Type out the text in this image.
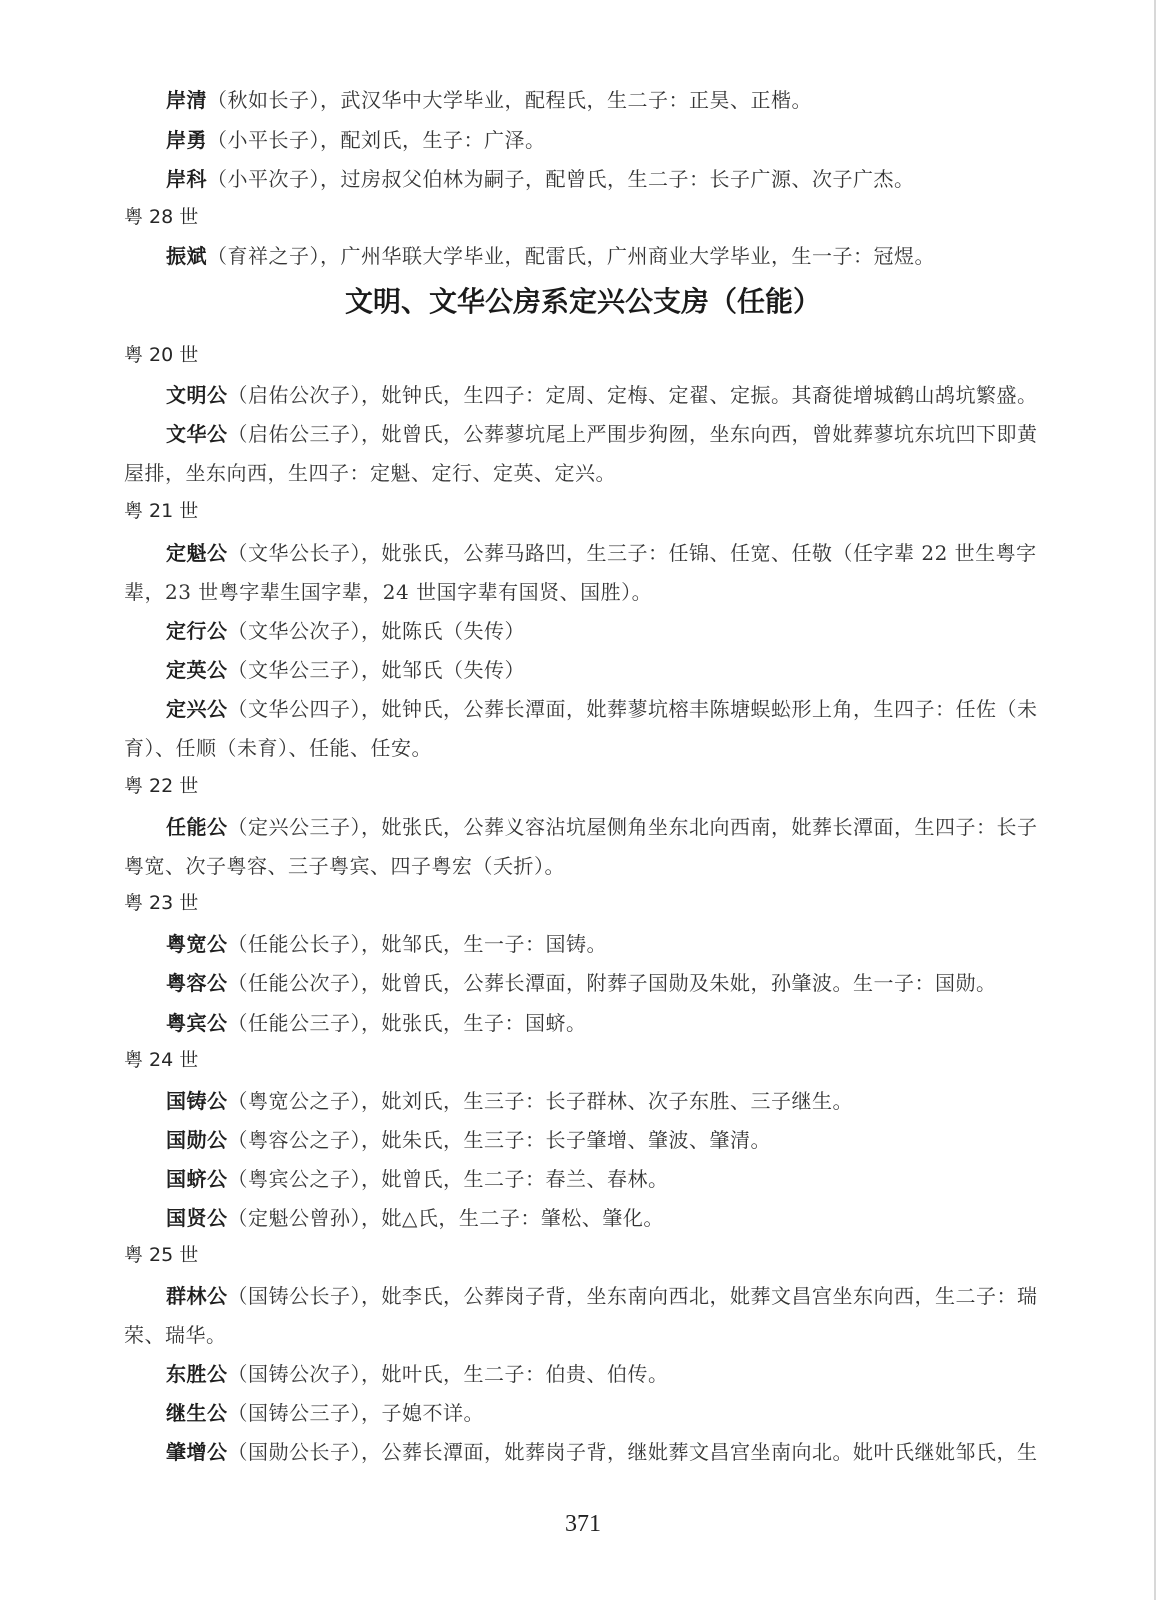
岸清（秋如长子），武汉华中大学毕业，配程氏，生二子：正昊、正楷。
岸勇（小平长子），配刘氏，生子：广泽。
岸科（小平次子），过房叔父伯林为嗣子，配曾氏，生二子：长子广源、次子广杰。
粤 28 世
振斌（育祥之子），广州华联大学毕业，配雷氏，广州商业大学毕业，生一子：冠煜。
文明、文华公房系定兴公支房（任能）
粤 20 世
文明公（启佑公次子），妣钟氏，生四子：定周、定梅、定翟、定振。其裔徙增城鹤山鸪坑繁盛。
文华公（启佑公三子），妣曾氏，公葬蓼坑尾上严围步狗囫，坐东向西，曾妣葬蓼坑东坑凹下即黄
屋排，坐东向西，生四子：定魁、定行、定英、定兴。
粤 21 世
定魁公（文华公长子），妣张氏，公葬马路凹，生三子：任锦、任宽、任敬（任字辈 22 世生粤字
辈，23 世粤字辈生国字辈，24 世国字辈有国贤、国胜）。
定行公（文华公次子），妣陈氏（失传）
定英公（文华公三子），妣邹氏（失传）
定兴公（文华公四子），妣钟氏，公葬长潭面，妣葬蓼坑榕丰陈塘蜈蚣形上角，生四子：任佐（未
育）、任顺（未育）、任能、任安。
粤 22 世
任能公（定兴公三子），妣张氏，公葬义容沾坑屋侧角坐东北向西南，妣葬长潭面，生四子：长子
粤宽、次子粤容、三子粤宾、四子粤宏（夭折）。
粤 23 世
粤宽公（任能公长子），妣邹氏，生一子：国铸。
粤容公（任能公次子），妣曾氏，公葬长潭面，附葬子国勋及朱妣，孙肇波。生一子：国勋。
粤宾公（任能公三子），妣张氏，生子：国蛴。
粤 24 世
国铸公（粤宽公之子），妣刘氏，生三子：长子群林、次子东胜、三子继生。
国勋公（粤容公之子），妣朱氏，生三子：长子肇增、肇波、肇清。
国蛴公（粤宾公之子），妣曾氏，生二子：春兰、春林。
国贤公（定魁公曾孙），妣△氏，生二子：肇松、肇化。
粤 25 世
群林公（国铸公长子），妣李氏，公葬岗子背，坐东南向西北，妣葬文昌宫坐东向西，生二子：瑞
荣、瑞华。
东胜公（国铸公次子），妣叶氏，生二子：伯贵、伯传。
继生公（国铸公三子），子媳不详。
肇增公（国勋公长子），公葬长潭面，妣葬岗子背，继妣葬文昌宫坐南向北。妣叶氏继妣邹氏，生
371
